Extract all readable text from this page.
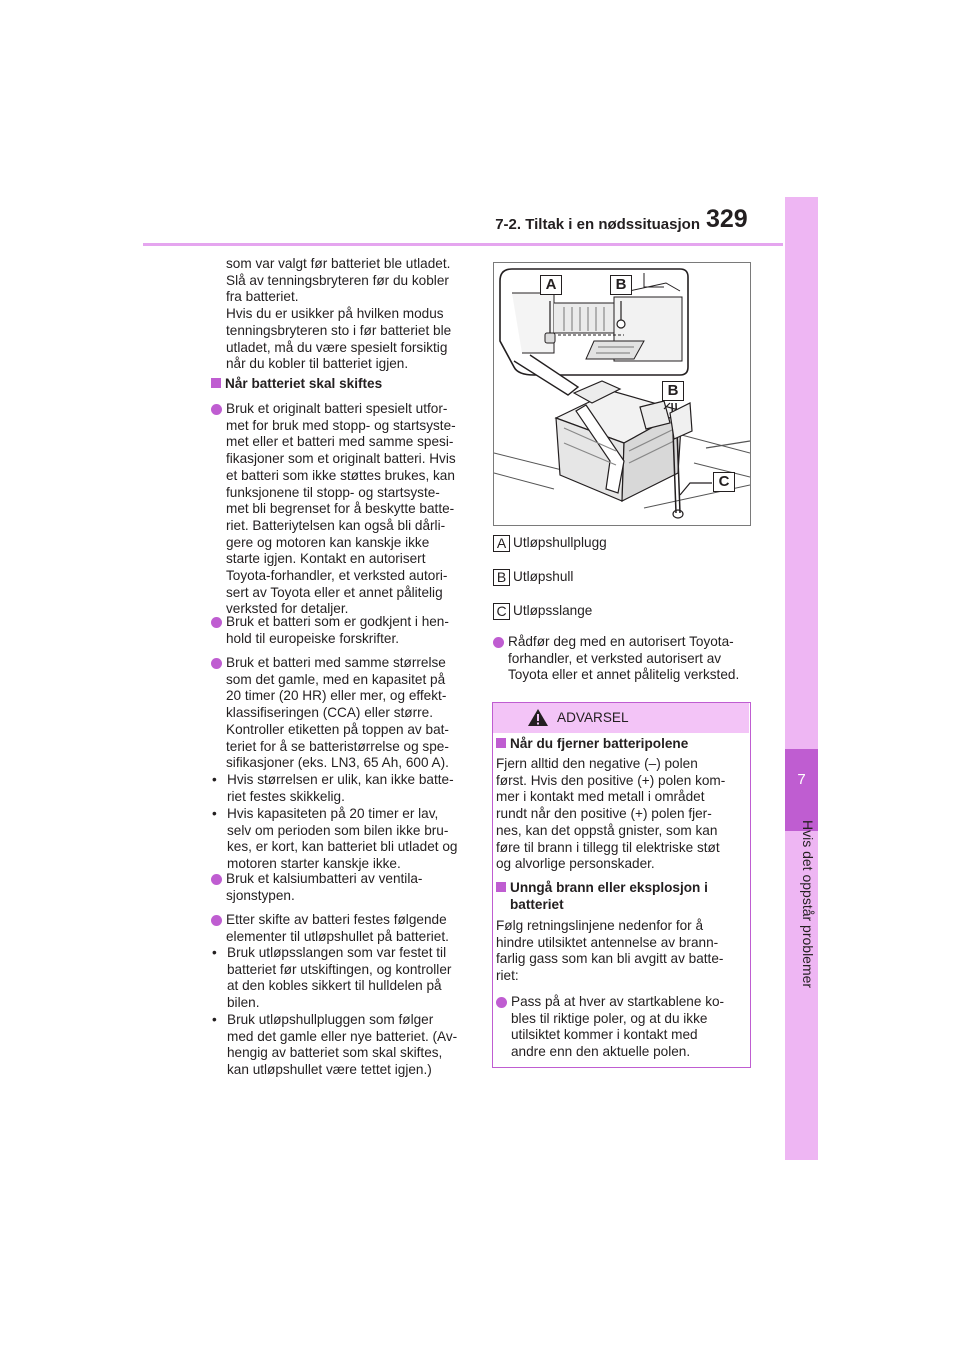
7-2. Tiltak i en nødssituasjon 329
7
Hvis det oppstår problemer
som var valgt før batteriet ble utladet.
Slå av tenningsbryteren før du kobler
fra batteriet.
Hvis du er usikker på hvilken modus
tenningsbryteren sto i før batteriet ble
utladet, må du være spesielt forsiktig
når du kobler til batteriet igjen.
Når batteriet skal skiftes
Bruk et originalt batteri spesielt utfor-
met for bruk med stopp- og startsyste-
met eller et batteri med samme spesi-
fikasjoner som et originalt batteri. Hvis
et batteri som ikke støttes brukes, kan
funksjonene til stopp- og startsyste-
met bli begrenset for å beskytte batte-
riet. Batteriytelsen kan også bli dårli-
gere og motoren kan kanskje ikke
starte igjen. Kontakt en autorisert
Toyota-forhandler, et verksted autori-
sert av Toyota eller et annet pålitelig
verksted for detaljer.
Bruk et batteri som er godkjent i hen-
hold til europeiske forskrifter.
Bruk et batteri med samme størrelse
som det gamle, med en kapasitet på
20 timer (20 HR) eller mer, og effekt-
klassifiseringen (CCA) eller større.
Kontroller etiketten på toppen av bat-
teriet for å se batteristørrelse og spe-
sifikasjoner (eks. LN3, 65 Ah, 600 A).
• Hvis størrelsen er ulik, kan ikke batte-
riet festes skikkelig.
• Hvis kapasiteten på 20 timer er lav,
selv om perioden som bilen ikke bru-
kes, er kort, kan batteriet bli utladet og
motoren starter kanskje ikke.
Bruk et kalsiumbatteri av ventila-
sjonstypen.
Etter skifte av batteri festes følgende
elementer til utløpshullet på batteriet.
• Bruk utløpsslangen som var festet til
batteriet før utskiftingen, og kontroller
at den kobles sikkert til hulldelen på
bilen.
• Bruk utløpshullpluggen som følger
med det gamle eller nye batteriet. (Av-
hengig av batteriet som skal skiftes,
kan utløpshullet være tettet igjen.)
A	B
B
C
A Utløpshullplugg
B Utløpshull
C Utløpsslange
Rådfør deg med en autorisert Toyota-
forhandler, et verksted autorisert av
Toyota eller et annet pålitelig verksted.
ADVARSEL
Når du fjerner batteripolene
Fjern alltid den negative (–) polen
først. Hvis den positive (+) polen kom-
mer i kontakt med metall i området
rundt når den positive (+) polen fjer-
nes, kan det oppstå gnister, som kan
føre til brann i tillegg til elektriske støt
og alvorlige personskader.
Unngå brann eller eksplosjon i
batteriet
Følg retningslinjene nedenfor for å
hindre utilsiktet antennelse av brann-
farlig gass som kan bli avgitt av batte-
riet:
Pass på at hver av startkablene ko-
bles til riktige poler, og at du ikke
utilsiktet kommer i kontakt med
andre enn den aktuelle polen.
